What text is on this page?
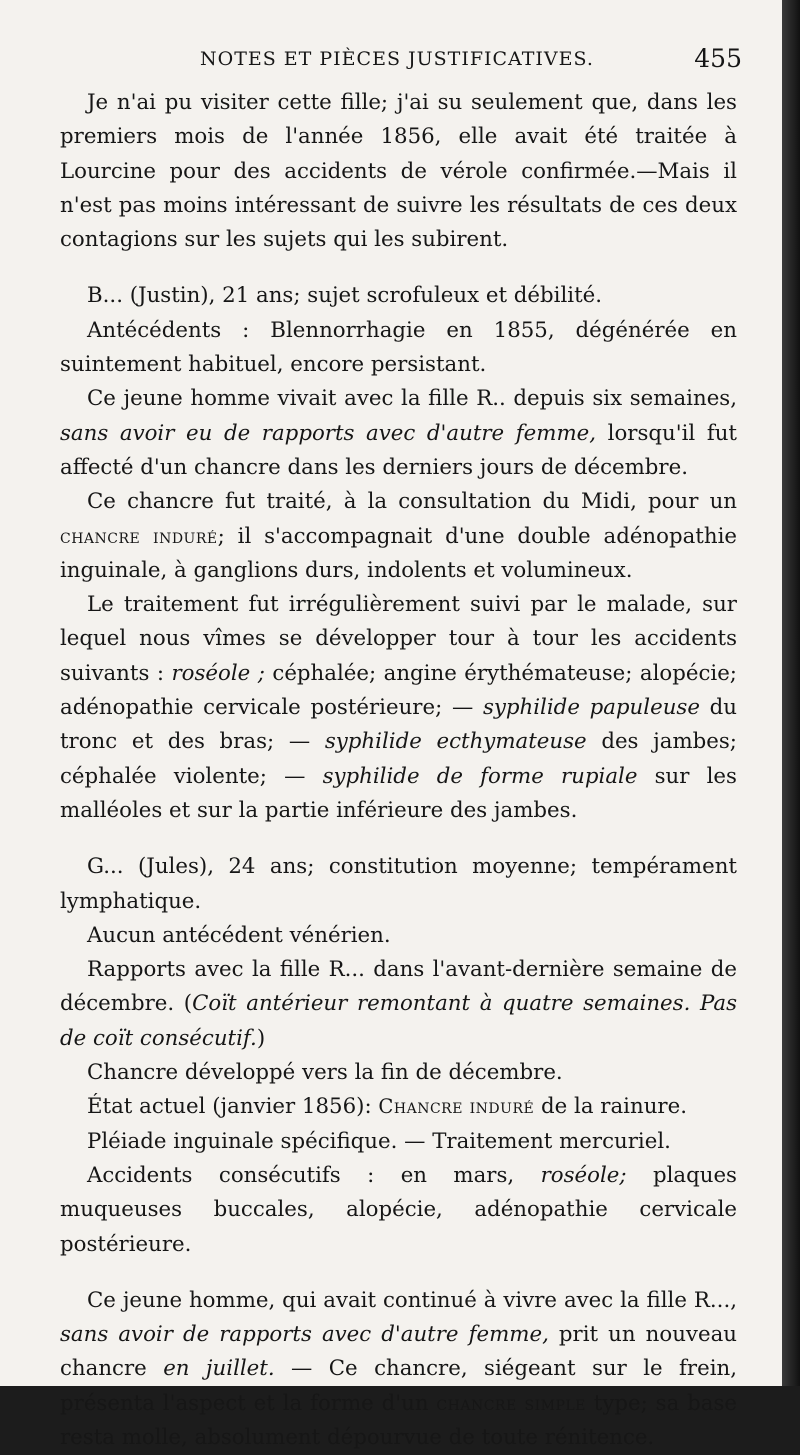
NOTES ET PIÈCES JUSTIFICATIVES.	455

Je n'ai pu visiter cette fille; j'ai su seulement que, dans les premiers mois de l'année 1856, elle avait été traitée à Lourcine pour des accidents de vérole confirmée.—Mais il n'est pas moins intéressant de suivre les résultats de ces deux contagions sur les sujets qui les subirent.

B... (Justin), 21 ans; sujet scrofuleux et débilité.

Antécédents : Blennorrhagie en 1855, dégénérée en suintement habituel, encore persistant.

Ce jeune homme vivait avec la fille R.. depuis six semaines, sans avoir eu de rapports avec d'autre femme, lorsqu'il fut affecté d'un chancre dans les derniers jours de décembre.

Ce chancre fut traité, à la consultation du Midi, pour un chancre induré; il s'accompagnait d'une double adénopathie inguinale, à ganglions durs, indolents et volumineux.

Le traitement fut irrégulièrement suivi par le malade, sur lequel nous vîmes se développer tour à tour les accidents suivants : roséole ; céphalée; angine érythémateuse; alopécie; adénopathie cervicale postérieure; — syphilide papuleuse du tronc et des bras; — syphilide ecthymateuse des jambes; céphalée violente; — syphilide de forme rupiale sur les malléoles et sur la partie inférieure des jambes.

G... (Jules), 24 ans; constitution moyenne; tempérament lymphatique.

Aucun antécédent vénérien.

Rapports avec la fille R... dans l'avant-dernière semaine de décembre. (Coït antérieur remontant à quatre semaines. Pas de coït consécutif.)

Chancre développé vers la fin de décembre.

État actuel (janvier 1856): Chancre induré de la rainure.

Pléiade inguinale spécifique. — Traitement mercuriel.

Accidents consécutifs : en mars, roséole; plaques muqueuses buccales, alopécie, adénopathie cervicale postérieure.

Ce jeune homme, qui avait continué à vivre avec la fille R..., sans avoir de rapports avec d'autre femme, prit un nouveau chancre en juillet. — Ce chancre, siégeant sur le frein, présenta l'aspect et la forme d'un chancre simple type; sa base resta molle, absolument dépourvue de toute rénitence.
